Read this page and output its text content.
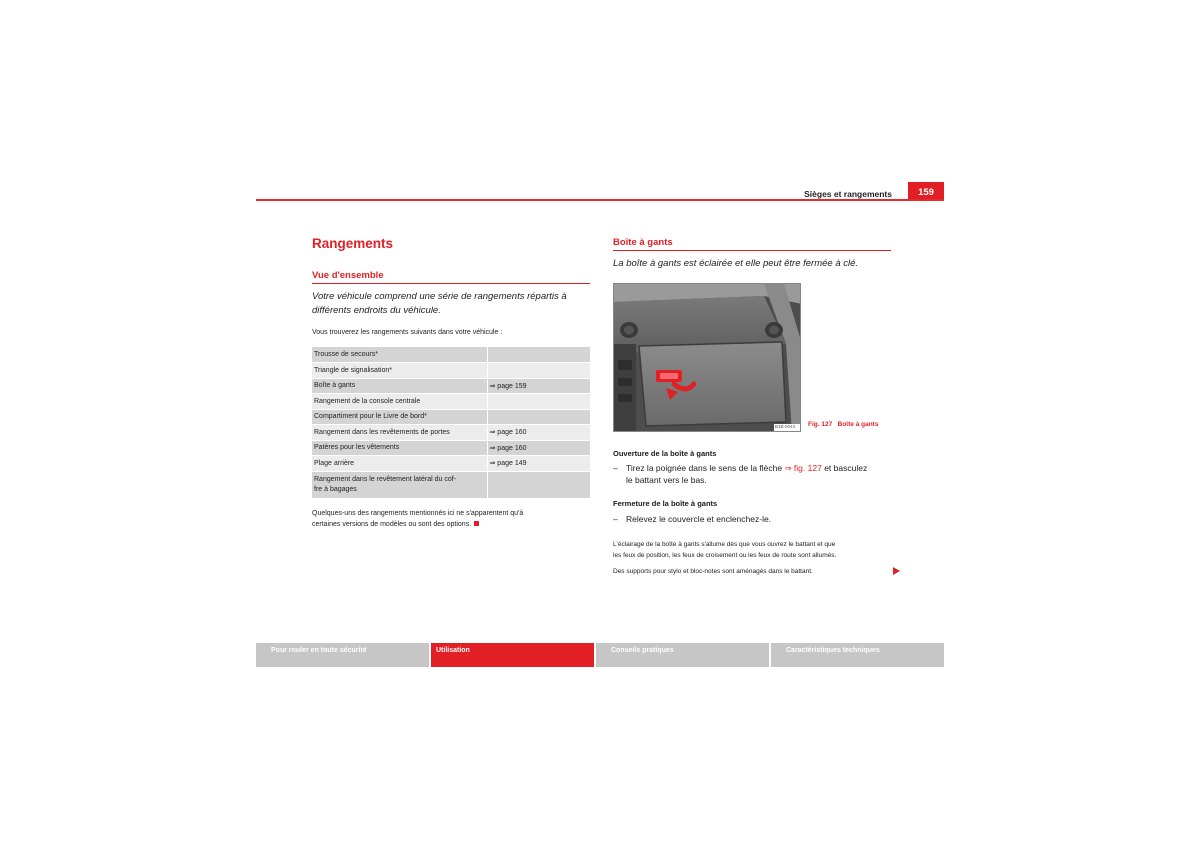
Sièges et rangements	159
Rangements
Vue d'ensemble
Votre véhicule comprend une série de rangements répartis à différents endroits du véhicule.
Vous trouverez les rangements suivants dans votre véhicule :
Trousse de secours*	
Triangle de signalisation*	
Boîte à gants	⇒ page 159
Rangement de la console centrale	
Compartiment pour le Livre de bord*	
Rangement dans les revêtements de portes	⇒ page 160
Patères pour les vêtements	⇒ page 160
Plage arrière	⇒ page 149
Rangement dans le revêtement latéral du cof-
fre à bagages	
Quelques-uns des rangements mentionnés ici ne s'apparentent qu'à
certaines versions de modèles ou sont des options.
Boîte à gants
La boîte à gants est éclairée et elle peut être fermée à clé.
B1B-0043	Fig. 127 Boîte à gants
Ouverture de la boîte à gants
– Tirez la poignée dans le sens de la flèche ⇒ fig. 127 et basculez
le battant vers le bas.
Fermeture de la boîte à gants
– Relevez le couvercle et enclenchez-le.
L'éclairage de la boîte à gants s'allume dès que vous ouvrez le battant et que
les feux de position, les feux de croisement ou les feux de route sont allumés.
Des supports pour stylo et bloc-notes sont aménagés dans le battant.
Pour rouler en toute sécurité	Utilisation	Conseils pratiques	Caractéristiques techniques
